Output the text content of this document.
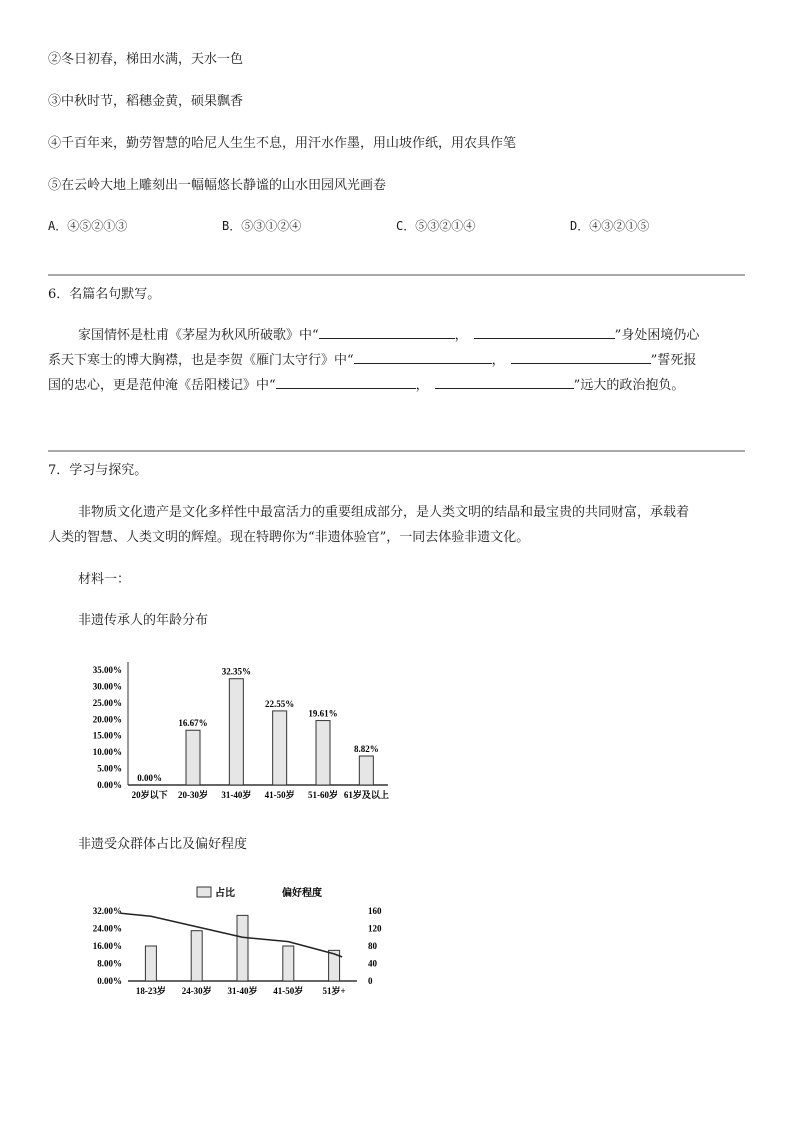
②冬日初春，梯田水满，天水一色
③中秋时节，稻穗金黄，硕果飘香
④千百年来，勤劳智慧的哈尼人生生不息，用汗水作墨，用山坡作纸，用农具作笔
⑤在云岭大地上雕刻出一幅幅悠长静谧的山水田园风光画卷
A．④⑤②①③	B．⑤③①②④	C．⑤③②①④	D．④③②①⑤
6．名篇名句默写。
家国情怀是杜甫《茅屋为秋风所破歌》中“	，	”身处困境仍心
系天下寒士的博大胸襟，也是李贺《雁门太守行》中“	，	”誓死报
国的忠心，更是范仲淹《岳阳楼记》中“	，	”远大的政治抱负。
7．学习与探究。
非物质文化遗产是文化多样性中最富活力的重要组成部分，是人类文明的结晶和最宝贵的共同财富，承载着
人类的智慧、人类文明的辉煌。现在特聘你为“非遗体验官”，一同去体验非遗文化。
材料一：
非遗传承人的年龄分布
0.00%
5.00%
10.00%
15.00%
20.00%
25.00%
30.00%
35.00%
0.00%
20岁以下
16.67%
20-30岁
32.35%
31-40岁
22.55%
41-50岁
19.61%
51-60岁
8.82%
61岁及以上
非遗受众群体占比及偏好程度
占比	偏好程度
0.00%
8.00%
16.00%
24.00%
32.00%
0
40
80
120
160
18-23岁 24-30岁 31-40岁 41-50岁 51岁+
